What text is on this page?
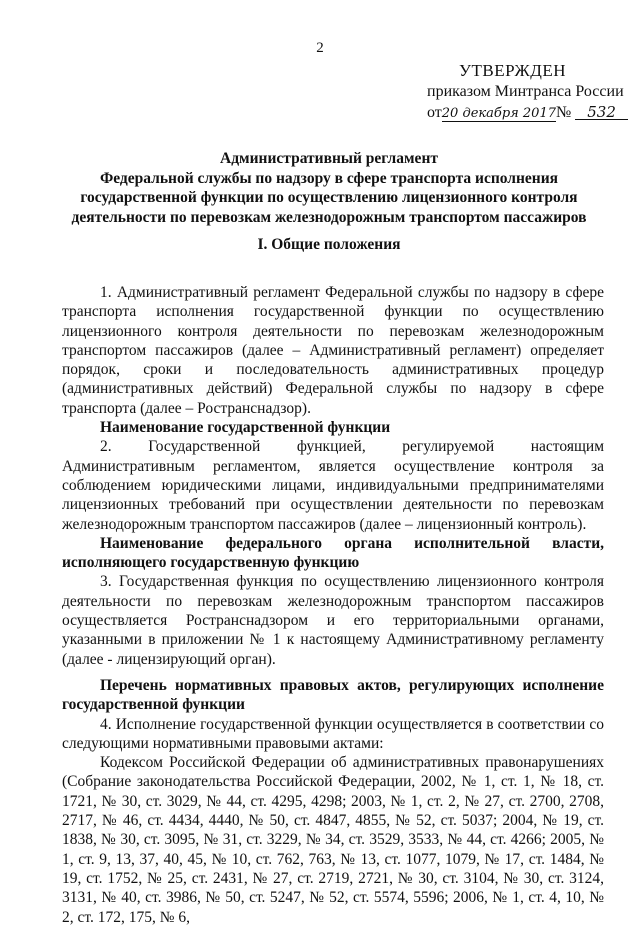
2
УТВЕРЖДЕН
приказом Минтранса России
от20 декабря 2017№ 532
Административный регламент
Федеральной службы по надзору в сфере транспорта исполнения
государственной функции по осуществлению лицензионного контроля
деятельности по перевозкам железнодорожным транспортом пассажиров
I. Общие положения

1. Административный регламент Федеральной службы по надзору в сфере транспорта исполнения государственной функции по осуществлению лицензионного контроля деятельности по перевозкам железнодорожным транспортом пассажиров (далее – Административный регламент) определяет порядок, сроки и последовательность административных процедур (административных действий) Федеральной службы по надзору в сфере транспорта (далее – Ространснадзор).

Наименование государственной функции

2. Государственной функцией, регулируемой настоящим Административным регламентом, является осуществление контроля за соблюдением юридическими лицами, индивидуальными предпринимателями лицензионных требований при осуществлении деятельности по перевозкам железнодорожным транспортом пассажиров (далее – лицензионный контроль).

Наименование федерального органа исполнительной власти, исполняющего государственную функцию

3. Государственная функция по осуществлению лицензионного контроля деятельности по перевозкам железнодорожным транспортом пассажиров осуществляется Ространснадзором и его территориальными органами, указанными в приложении № 1 к настоящему Административному регламенту (далее - лицензирующий орган).

Перечень нормативных правовых актов, регулирующих исполнение государственной функции

4. Исполнение государственной функции осуществляется в соответствии со следующими нормативными правовыми актами:

Кодексом Российской Федерации об административных правонарушениях (Собрание законодательства Российской Федерации, 2002, № 1, ст. 1, № 18, ст. 1721, № 30, ст. 3029, № 44, ст. 4295, 4298; 2003, № 1, ст. 2, № 27, ст. 2700, 2708, 2717, № 46, ст. 4434, 4440, № 50, ст. 4847, 4855, № 52, ст. 5037; 2004, № 19, ст. 1838, № 30, ст. 3095, № 31, ст. 3229, № 34, ст. 3529, 3533, № 44, ст. 4266; 2005, № 1, ст. 9, 13, 37, 40, 45, № 10, ст. 762, 763, № 13, ст. 1077, 1079, № 17, ст. 1484, № 19, ст. 1752, № 25, ст. 2431, № 27, ст. 2719, 2721, № 30, ст. 3104, № 30, ст. 3124, 3131, № 40, ст. 3986, № 50, ст. 5247, № 52, ст. 5574, 5596; 2006, № 1, ст. 4, 10, № 2, ст. 172, 175, № 6,
